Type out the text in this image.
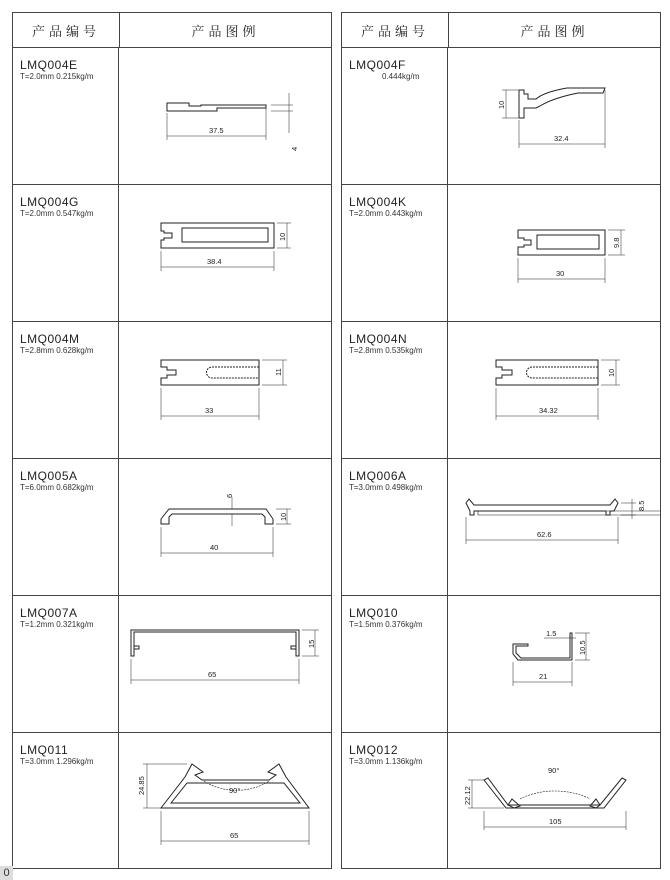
产品编号	产品图例
LMQ004E
T=2.0mm 0.215kg/m
37.5
4
LMQ004G
T=2.0mm 0.547kg/m
38.4
10
LMQ004M
T=2.8mm 0.628kg/m
33
11
LMQ005A
T=6.0mm 0.682kg/m
40
10
6
LMQ007A
T=1.2mm 0.321kg/m
65
15
LMQ011
T=3.0mm 1.296kg/m
90°
65
24.85
产品编号	产品图例
LMQ004F
0.444kg/m
32.4
10
LMQ004K
T=2.0mm 0.443kg/m
30
9.8
LMQ004N
T=2.8mm 0.535kg/m
34.32
10
LMQ006A
T=3.0mm 0.498kg/m
62.6
8.5
LMQ010
T=1.5mm 0.376kg/m
21
10.5
1.5
LMQ012
T=3.0mm 1.136kg/m
90°
105
22.12
0
